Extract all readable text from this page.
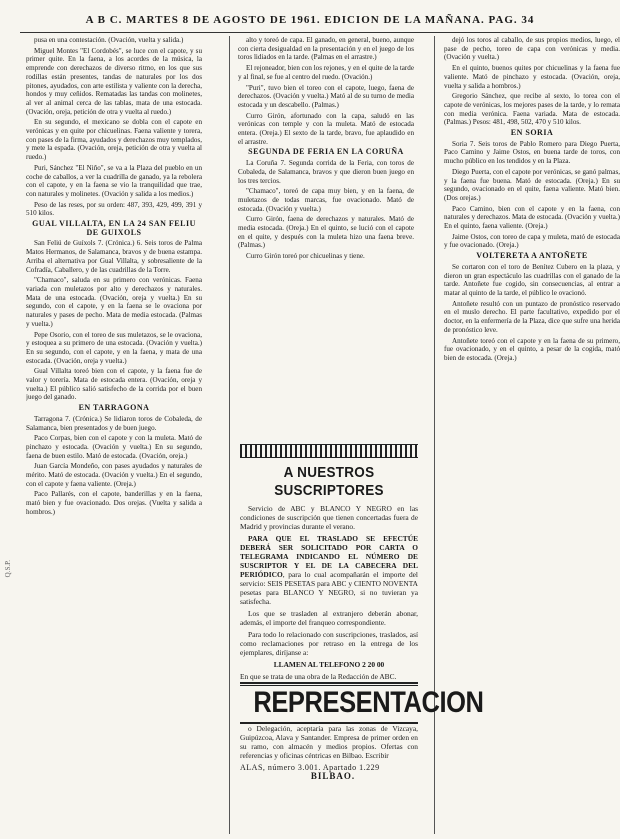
A B C. MARTES 8 DE AGOSTO DE 1961. EDICION DE LA MAÑANA. PAG. 34

pusa en una contestación. (Ovación, vuelta y salida.)

Miguel Montes "El Cordobés", se luce con el capote, y su primer quite. En la faena, a los acordes de la música, la emprende con derechazos de diverso ritmo, en los que sus rodillas están presentes, tandas de naturales por los dos pitones, ayudados, con arte estilista y valiente con la derecha, hondos y muy ceñidos. Rematadas las tandas con molinetes, al ver al animal cerca de las tablas, mata de una estocada. (Ovación, oreja, petición de otra y vuelta al ruedo.)

En su segundo, el mexicano se dobla con el capote en verónicas y en quite por chicuelinas. Faena valiente y torera, con pases de la firma, ayudados y derechazos muy templados, y mete la espada. (Ovación, oreja, petición de otra y vuelta al ruedo.)

Puri, Sánchez "El Niño", se va a la Plaza del pueblo en un coche de caballos, a ver la cuadrilla de ganado, ya la rebolera con el capote, y en la faena se vio la tranquilidad que trae, con naturales y molinetes. (Ovación y salida a los medios.)

Peso de las reses, por su orden: 487, 393, 429, 499, 391 y 510 kilos.

GUAL VILLALTA, EN LA 24 SAN FELIU DE GUIXOLS

San Feliú de Guíxols 7. (Crónica.) 6. Seis toros de Palma Matos Hermanos, de Salamanca, bravos y de buena estampa. Arriba el alternativa por Gual Villalta, y sobresaliente de la Cofradía, Caballero, y de las cuadrillas de la Torre.

"Chamaco", saluda en su primero con verónicas. Faena variada con muletazos por alto y derechazos y naturales. Mata de una estocada. (Ovación, oreja y vuelta.) En su segundo, con el capote, y en la faena se le ovaciona por naturales y pases de pecho. Mata de media estocada. (Palmas y vuelta.)

Pepe Osorio, con el toreo de sus muletazos, se le ovaciona, y estoquea a su primero de una estocada. (Ovación y vuelta.) En su segundo, con el capote, y en la faena, y mata de una estocada. (Ovación, oreja y vuelta.)

Gual Villalta toreó bien con el capote, y la faena fue de valor y torería. Mata de estocada entera. (Ovación, oreja y vuelta.) El público salió satisfecho de la corrida por el buen juego del ganado.

EN TARRAGONA

Tarragona 7. (Crónica.) Se lidiaron toros de Cobaleda, de Salamanca, bien presentados y de buen juego.

Paco Corpas, bien con el capote y con la muleta. Mató de pinchazo y estocada. (Ovación y vuelta.) En su segundo, faena de buen estilo. Mató de estocada. (Ovación, oreja.)

Juan García Mondeño, con pases ayudados y naturales de mérito. Mató de estocada. (Ovación y vuelta.) En el segundo, con el capote y faena valiente. (Oreja.)

Paco Pallarés, con el capote, banderillas y en la faena, mató bien y fue ovacionado. Dos orejas. (Vuelta y salida a hombros.)

alto y toreó de capa. El ganado, en general, bueno, aunque con cierta desigualdad en la presentación y en el juego de los toros lidiados en la tarde. (Palmas en el arrastre.)

El rejoneador, bien con los rejones, y en el quite de la tarde y al final, se fue al centro del ruedo. (Ovación.)

"Puri", tuvo bien el toreo con el capote, luego, faena de derechazos. (Ovación y vuelta.) Mató al de su turno de media estocada y un descabello. (Palmas.)

Curro Girón, afortunado con la capa, saludó en las verónicas con temple y con la muleta. Mató de estocada entera. (Oreja.) El sexto de la tarde, bravo, fue aplaudido en el arrastre.

SEGUNDA DE FERIA EN LA CORUÑA

La Coruña 7. Segunda corrida de la Feria, con toros de Cobaleda, de Salamanca, bravos y que dieron buen juego en los tres tercios.

"Chamaco", toreó de capa muy bien, y en la faena, de muletazos de todas marcas, fue ovacionado. Mató de estocada. (Ovación y vuelta.)

Curro Girón, faena de derechazos y naturales. Mató de media estocada. (Oreja.) En el quinto, se lució con el capote en el quite, y después con la muleta hizo una faena breve. (Palmas.)

Curro Girón toreó por chicuelinas y tiene.

A NUESTROS SUSCRIPTORES

Servicio de ABC y BLANCO Y NEGRO en las condiciones de suscripción que tienen concertadas fuera de Madrid y provincias durante el verano.

PARA QUE EL TRASLADO SE EFECTÚE DEBERÁ SER SOLICITADO POR CARTA O TELEGRAMA INDICANDO EL NÚMERO DE SUSCRIPTOR Y EL DE LA CABECERA DEL PERIÓDICO, para lo cual acompañarán el importe del servicio: SEIS PESETAS para ABC y CIENTO NOVENTA pesetas para BLANCO Y NEGRO, si no tuvieran ya satisfecha.

Los que se trasladen al extranjero deberán abonar, además, el importe del franqueo correspondiente.

Para todo lo relacionado con suscripciones, traslados, así como reclamaciones por retraso en la entrega de los ejemplares, diríjanse a:

LLAMEN AL TELEFONO 2 20 00

En que se trata de una obra de la Redacción de ABC.
REPRESENTACION

o Delegación, aceptaría para las zonas de Vizcaya, Guipúzcoa, Alava y Santander. Empresa de primer orden en su ramo, con almacén y medios propios. Ofertas con referencias y oficinas céntricas en Bilbao. Escribir

ALAS, número 3.001. Apartado 1.229

BILBAO.

dejó los toros al caballo, de sus propios medios, luego, el pase de pecho, toreo de capa con verónicas y media. (Ovación y vuelta.)

En el quinto, buenos quites por chicuelinas y la faena fue valiente. Mató de pinchazo y estocada. (Ovación, oreja, vuelta y salida a hombros.)

Gregorio Sánchez, que recibe al sexto, lo torea con el capote de verónicas, los mejores pases de la tarde, y lo remata con media verónica. Faena variada. Mata de estocada. (Palmas.) Pesos: 481, 498, 502, 470 y 510 kilos.

EN SORIA

Soria 7. Seis toros de Pablo Romero para Diego Puerta, Paco Camino y Jaime Ostos, en buena tarde de toros, con mucho público en los tendidos y en la Plaza.

Diego Puerta, con el capote por verónicas, se ganó palmas, y la faena fue buena. Mató de estocada. (Oreja.) En su segundo, ovacionado en el quite, faena valiente. Mató bien. (Dos orejas.)

Paco Camino, bien con el capote y en la faena, con naturales y derechazos. Mata de estocada. (Ovación y vuelta.) En el quinto, faena valiente. (Oreja.)

Jaime Ostos, con toreo de capa y muleta, mató de estocada y fue ovacionado. (Oreja.)

VOLTERETA A ANTOÑETE

Se cortaron con el toro de Benítez Cubero en la plaza, y dieron un gran espectáculo las cuadrillas con el ganado de la tarde. Antoñete fue cogido, sin consecuencias, al entrar a matar al quinto de la tarde, el público le ovacionó.

Antoñete resultó con un puntazo de pronóstico reservado en el muslo derecho. El parte facultativo, expedido por el doctor, en la enfermería de la Plaza, dice que sufre una herida de pronóstico leve.

Antoñete toreó con el capote y en la faena de su primero, fue ovacionado, y en el quinto, a pesar de la cogida, mató bien de estocada. (Oreja.)

Q.S.P.
